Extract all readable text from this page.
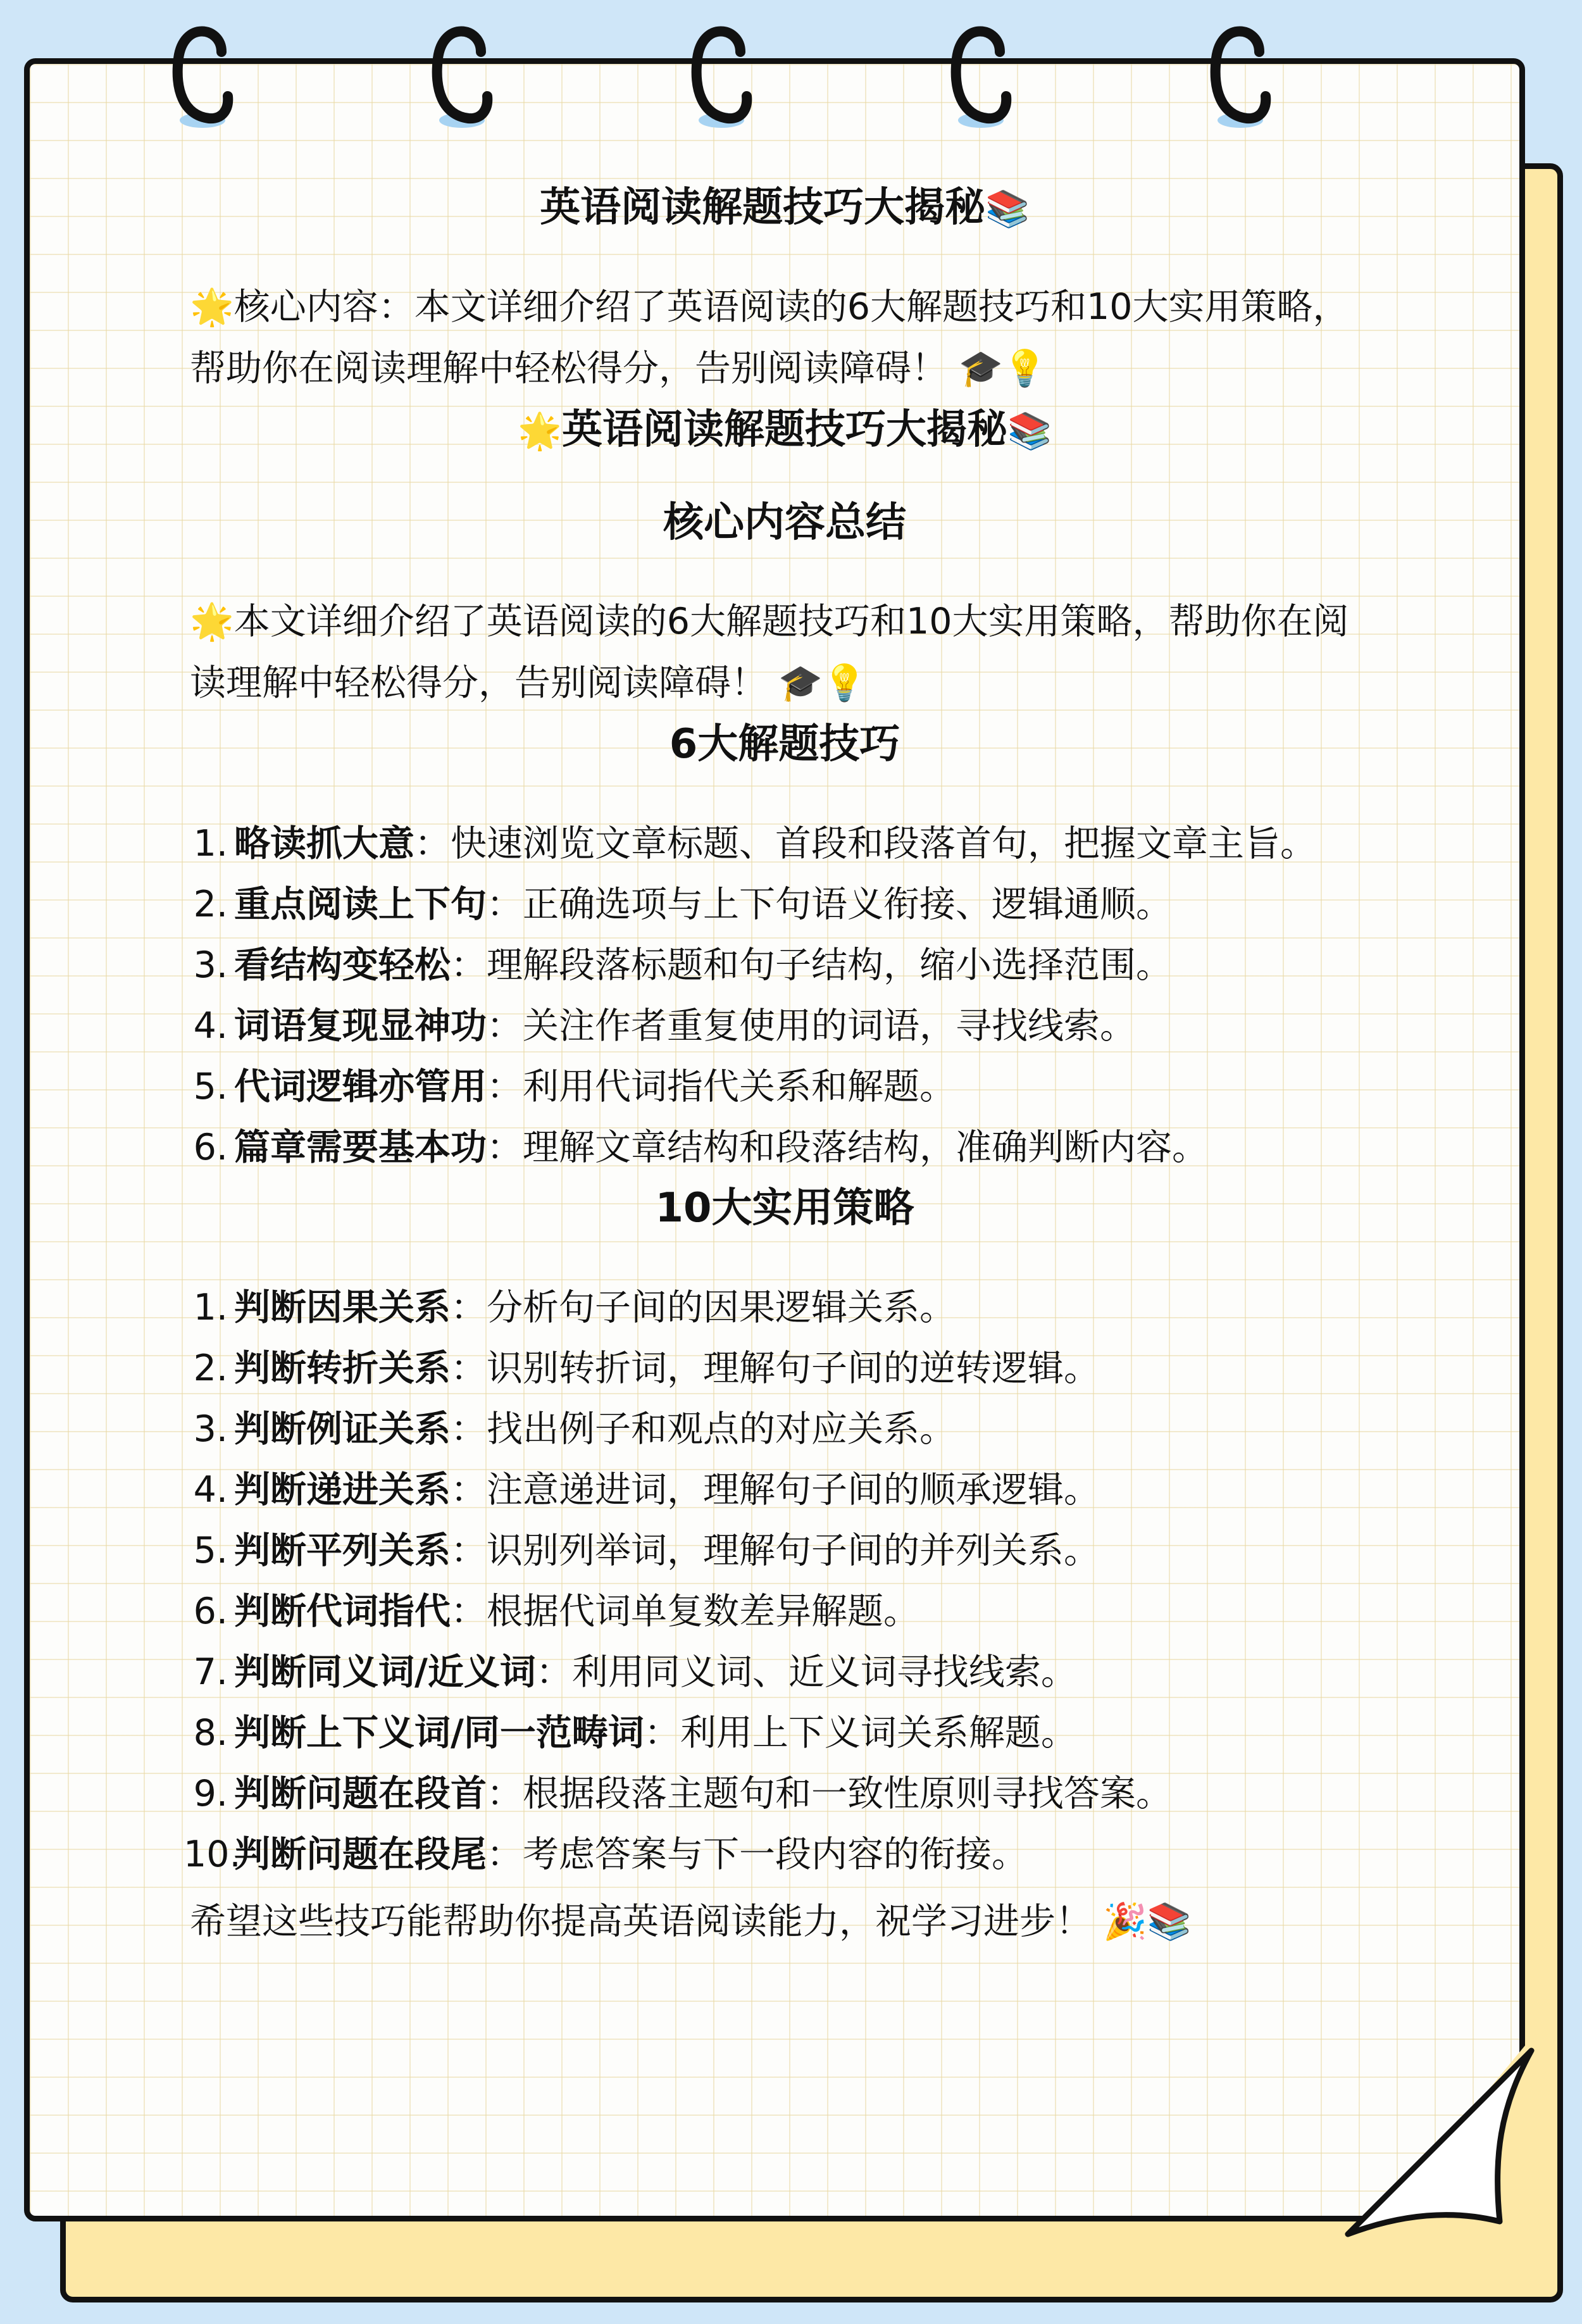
英语阅读解题技巧大揭秘📚

🌟核心内容：本文详细介绍了英语阅读的6大解题技巧和10大实用策略，帮助你在阅读理解中轻松得分，告别阅读障碍！ 🎓💡

🌟英语阅读解题技巧大揭秘📚
核心内容总结

🌟本文详细介绍了英语阅读的6大解题技巧和10大实用策略，帮助你在阅读理解中轻松得分，告别阅读障碍！ 🎓💡

6大解题技巧
1. 略读抓大意：快速浏览文章标题、首段和段落首句，把握文章主旨。
2. 重点阅读上下句：正确选项与上下句语义衔接、逻辑通顺。
3. 看结构变轻松：理解段落标题和句子结构，缩小选择范围。
4. 词语复现显神功：关注作者重复使用的词语，寻找线索。
5. 代词逻辑亦管用：利用代词指代关系和解题。
6. 篇章需要基本功：理解文章结构和段落结构，准确判断内容。
10大实用策略
1. 判断因果关系：分析句子间的因果逻辑关系。
2. 判断转折关系：识别转折词，理解句子间的逆转逻辑。
3. 判断例证关系：找出例子和观点的对应关系。
4. 判断递进关系：注意递进词，理解句子间的顺承逻辑。
5. 判断平列关系：识别列举词，理解句子间的并列关系。
6. 判断代词指代：根据代词单复数差异解题。
7. 判断同义词/近义词：利用同义词、近义词寻找线索。
8. 判断上下义词/同一范畴词：利用上下义词关系解题。
9. 判断问题在段首：根据段落主题句和一致性原则寻找答案。
10.
判断问题在段尾：考虑答案与下一段内容的衔接。

希望这些技巧能帮助你提高英语阅读能力，祝学习进步！ 🎉📚
